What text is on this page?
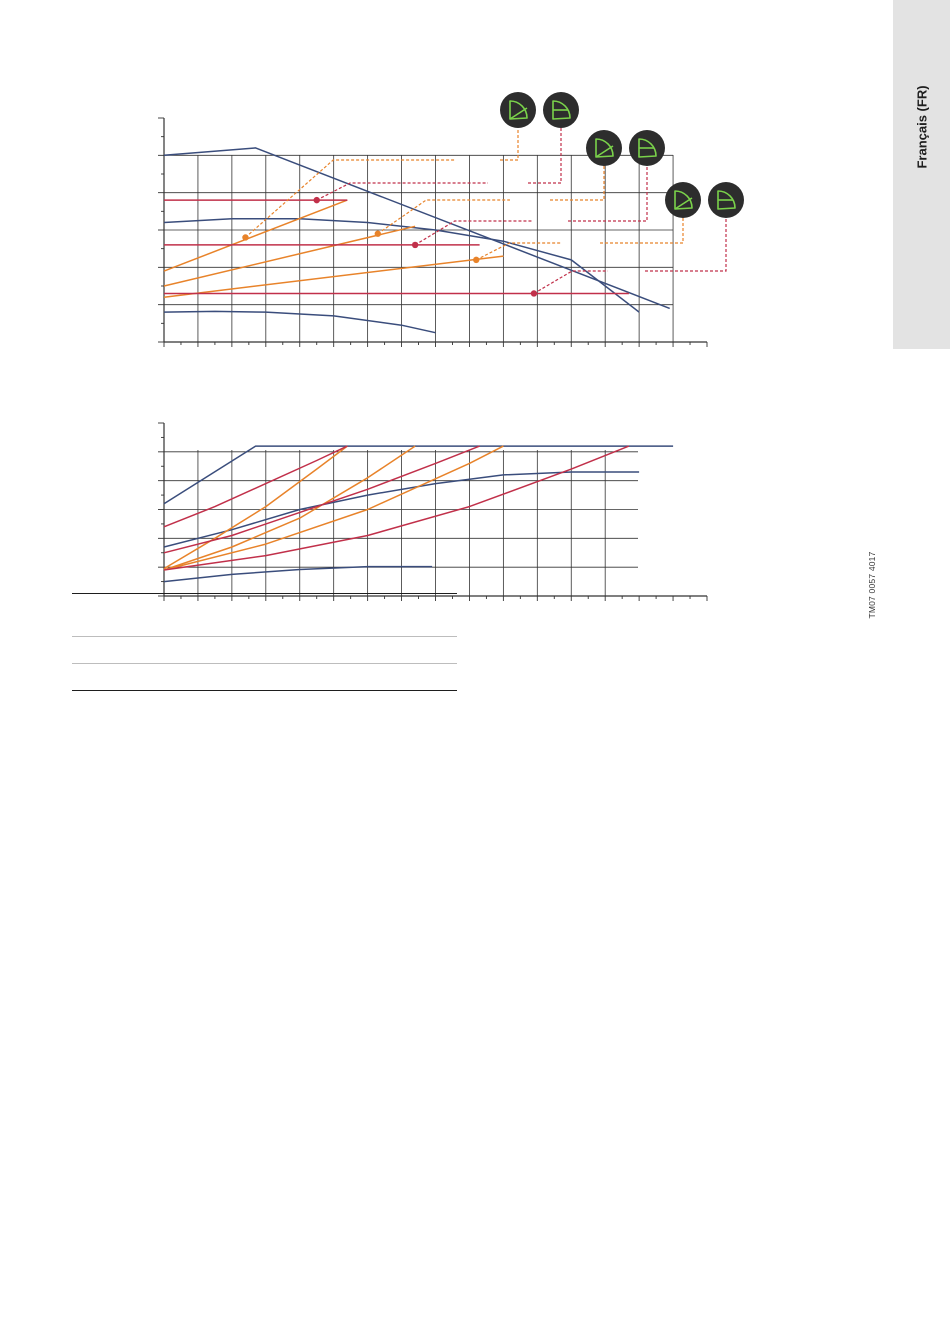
Français (FR)
TM07 0057 4017
